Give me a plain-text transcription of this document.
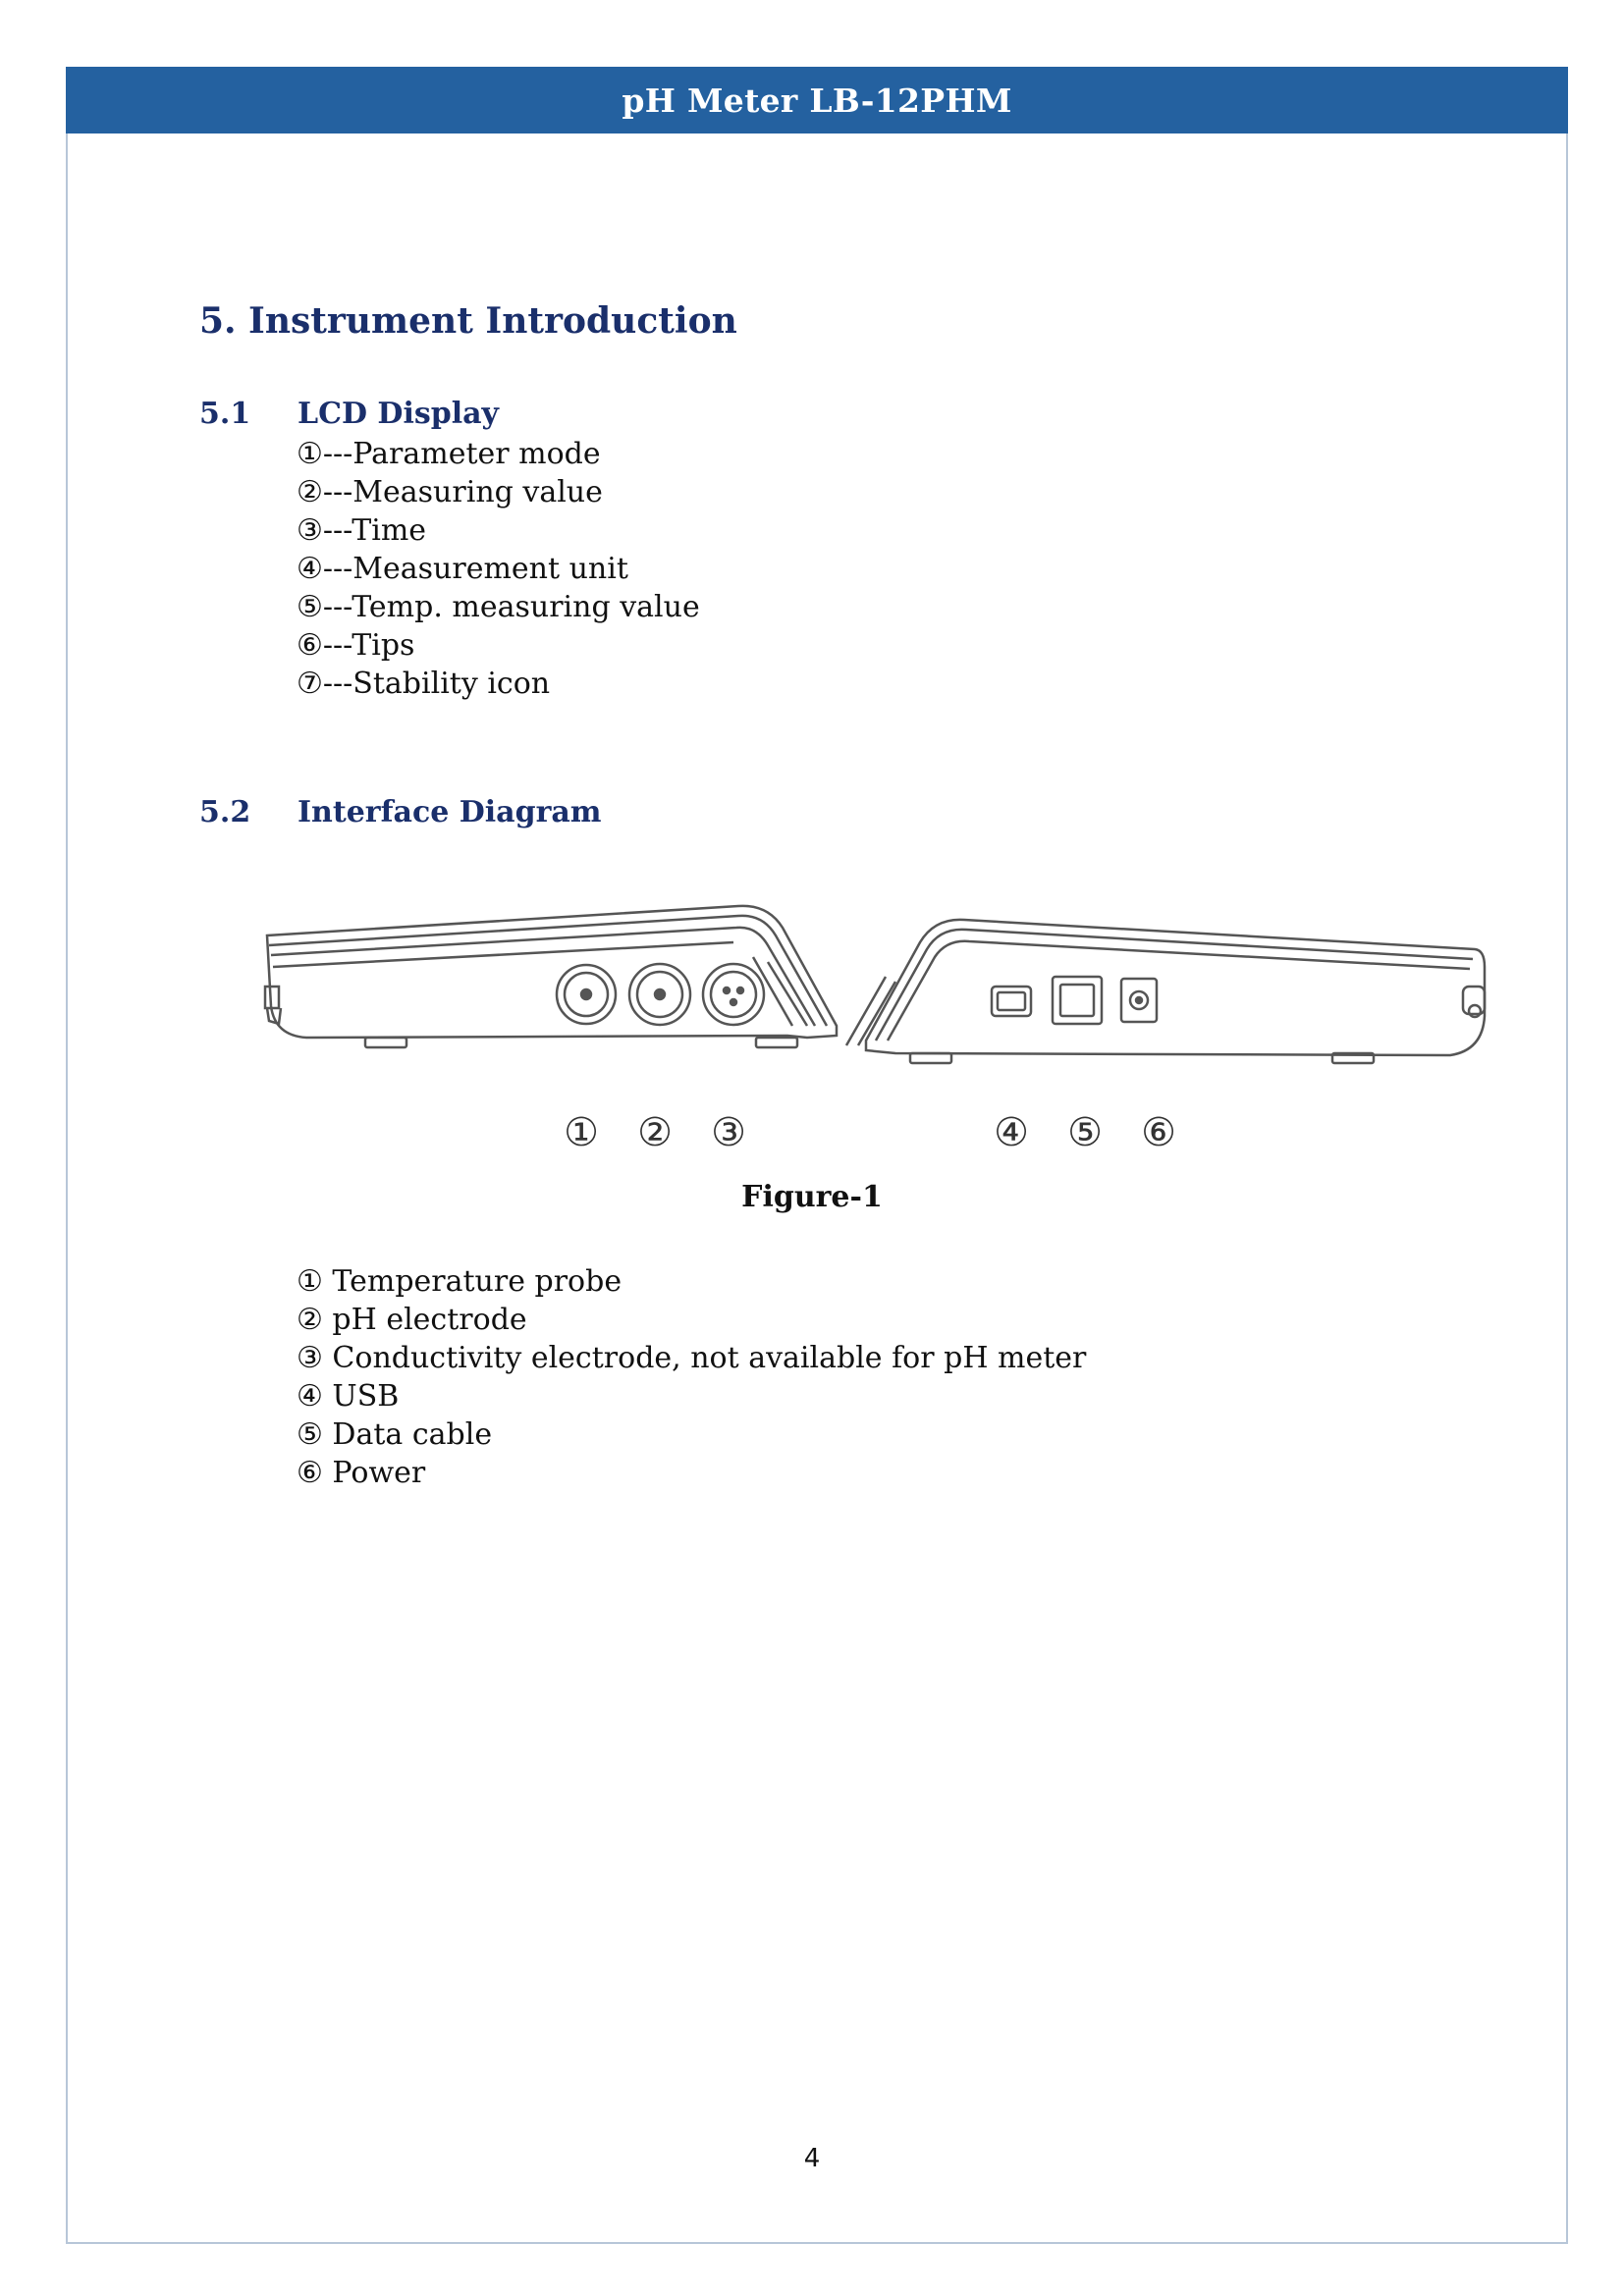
pH Meter LB-12PHM
5. Instrument Introduction
5.1 LCD Display
①---Parameter mode
②---Measuring value
③---Time
④---Measurement unit
⑤---Temp. measuring value
⑥---Tips
⑦---Stability icon
5.2 Interface Diagram
① ② ③	④ ⑤ ⑥
Figure-1
① Temperature probe
② pH electrode
③ Conductivity electrode, not available for pH meter
④ USB
⑤ Data cable
⑥ Power
4
